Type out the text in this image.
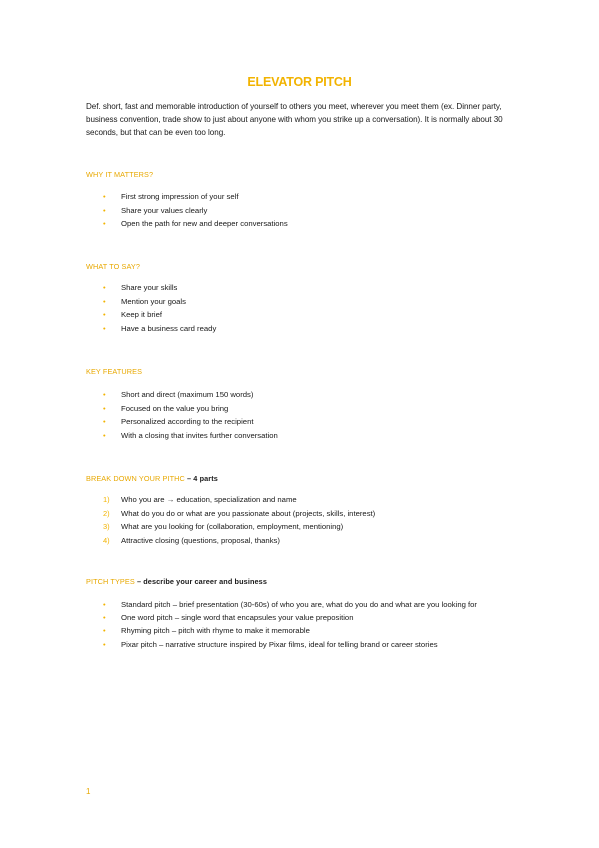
ELEVATOR PITCH
Def. short, fast and memorable introduction of yourself to others you meet, wherever you meet them (ex. Dinner party, business convention, trade show to just about anyone with whom you strike up a conversation). It is normally about 30 seconds, but that can be even too long.
WHY IT MATTERS?
• First strong impression of your self
• Share your values clearly
• Open the path for new and deeper conversations
WHAT TO SAY?
• Share your skills
• Mention your goals
• Keep it brief
• Have a business card ready
KEY FEATURES
• Short and direct (maximum 150 words)
• Focused on the value you bring
• Personalized according to the recipient
• With a closing that invites further conversation
BREAK DOWN YOUR PITHC – 4 parts
1) Who you are → education, specialization and name
2) What do you do or what are you passionate about (projects, skills, interest)
3) What are you looking for (collaboration, employment, mentioning)
4) Attractive closing (questions, proposal, thanks)
PITCH TYPES – describe your career and business
• Standard pitch – brief presentation (30-60s) of who you are, what do you do and what are you looking for
• One word pitch – single word that encapsules your value preposition
• Rhyming pitch – pitch with rhyme to make it memorable
• Pixar pitch – narrative structure inspired by Pixar films, ideal for telling brand or career stories
1
